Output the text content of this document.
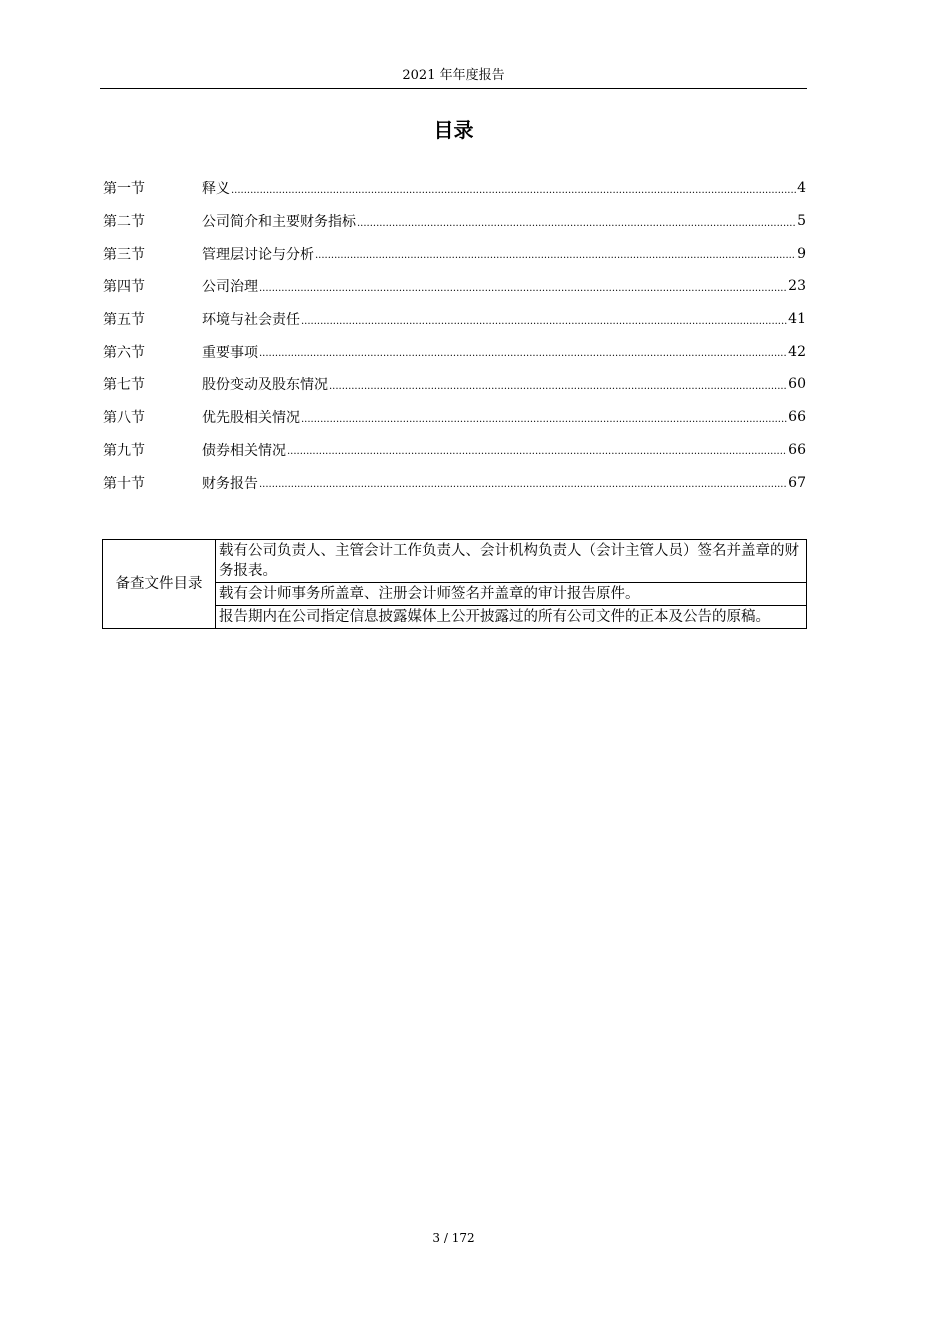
2021 年年度报告
目录
第一节	释义 .....	4
第二节	公司简介和主要财务指标 .....	5
第三节	管理层讨论与分析 .....	9
第四节	公司治理 .....	23
第五节	环境与社会责任 .....	41
第六节	重要事项 .....	42
第七节	股份变动及股东情况 .....	60
第八节	优先股相关情况 .....	66
第九节	债券相关情况 .....	66
第十节	财务报告 .....	67
备查文件目录	载有公司负责人、主管会计工作负责人、会计机构负责人（会计主管人员）签名并盖章的财务报表。
载有会计师事务所盖章、注册会计师签名并盖章的审计报告原件。
报告期内在公司指定信息披露媒体上公开披露过的所有公司文件的正本及公告的原稿。
3 / 172
